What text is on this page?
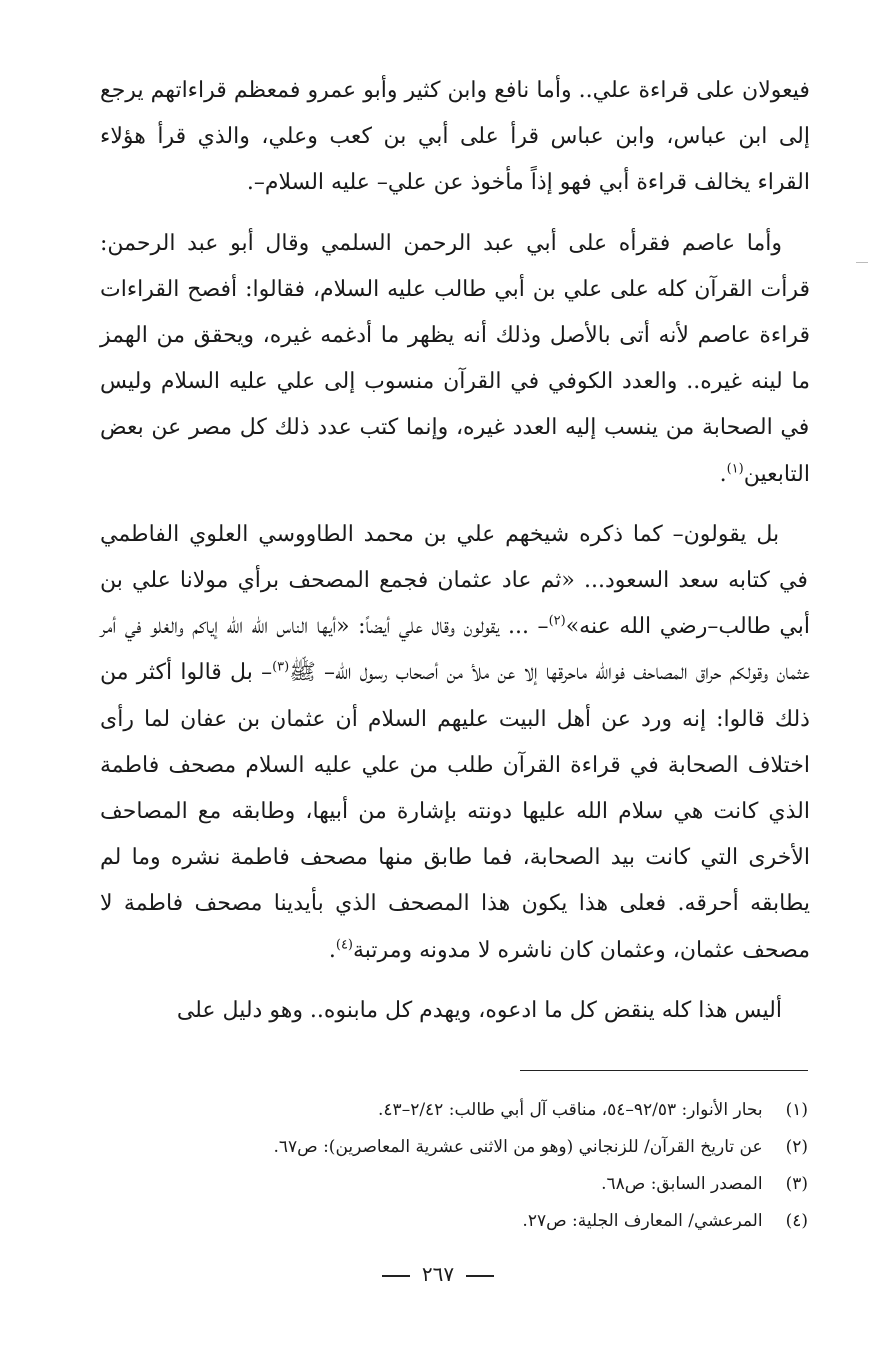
فيعولان على قراءة علي.. وأما نافع وابن كثير وأبو عمرو فمعظم قراءاتهم يرجع إلى ابن عباس، وابن عباس قرأ على أبي بن كعب وعلي، والذي قرأ هؤلاء القراء يخالف قراءة أبي فهو إذاً مأخوذ عن علي– عليه السلام–.

وأما عاصم فقرأه على أبي عبد الرحمن السلمي وقال أبو عبد الرحمن: قرأت القرآن كله على علي بن أبي طالب عليه السلام، فقالوا: أفصح القراءات قراءة عاصم لأنه أتى بالأصل وذلك أنه يظهر ما أدغمه غيره، ويحقق من الهمز ما لينه غيره.. والعدد الكوفي في القرآن منسوب إلى علي عليه السلام وليس في الصحابة من ينسب إليه العدد غيره، وإنما كتب عدد ذلك كل مصر عن بعض التابعين$^{(١)}$.

بل يقولون– كما ذكره شيخهم علي بن محمد الطاووسي العلوي الفاطمي في كتابه سعد السعود... «ثم عاد عثمان فجمع المصحف برأي مولانا علي بن أبي طالب–رضي الله عنه»$^{(٢)}$– ... يقولون وقال علي أيضاً: «أيها الناس الله الله إياكم والغلو في أمر عثمان وقولكم حراق المصاحف فوالله ماحرقها إلا عن ملأ من أصحاب رسول الله– ﷺ$^{(٣)}$– بل قالوا أكثر من ذلك قالوا: إنه ورد عن أهل البيت عليهم السلام أن عثمان بن عفان لما رأى اختلاف الصحابة في قراءة القرآن طلب من علي عليه السلام مصحف فاطمة الذي كانت هي سلام الله عليها دونته بإشارة من أبيها، وطابقه مع المصاحف الأخرى التي كانت بيد الصحابة، فما طابق منها مصحف فاطمة نشره وما لم يطابقه أحرقه. فعلى هذا يكون هذا المصحف الذي بأيدينا مصحف فاطمة لا مصحف عثمان، وعثمان كان ناشره لا مدونه ومرتبة$^{(٤)}$.

أليس هذا كله ينقض كل ما ادعوه، ويهدم كل مابنوه.. وهو دليل على

(١) بحار الأنوار: ٩٢/٥٣–٥٤، مناقب آل أبي طالب: ٢/٤٢–٤٣.
(٢) عن تاريخ القرآن/ للزنجاني (وهو من الاثنى عشرية المعاصرين): ص٦٧.
(٣) المصدر السابق: ص٦٨.
(٤) المرعشي/ المعارف الجلية: ص٢٧.
٢٦٧
